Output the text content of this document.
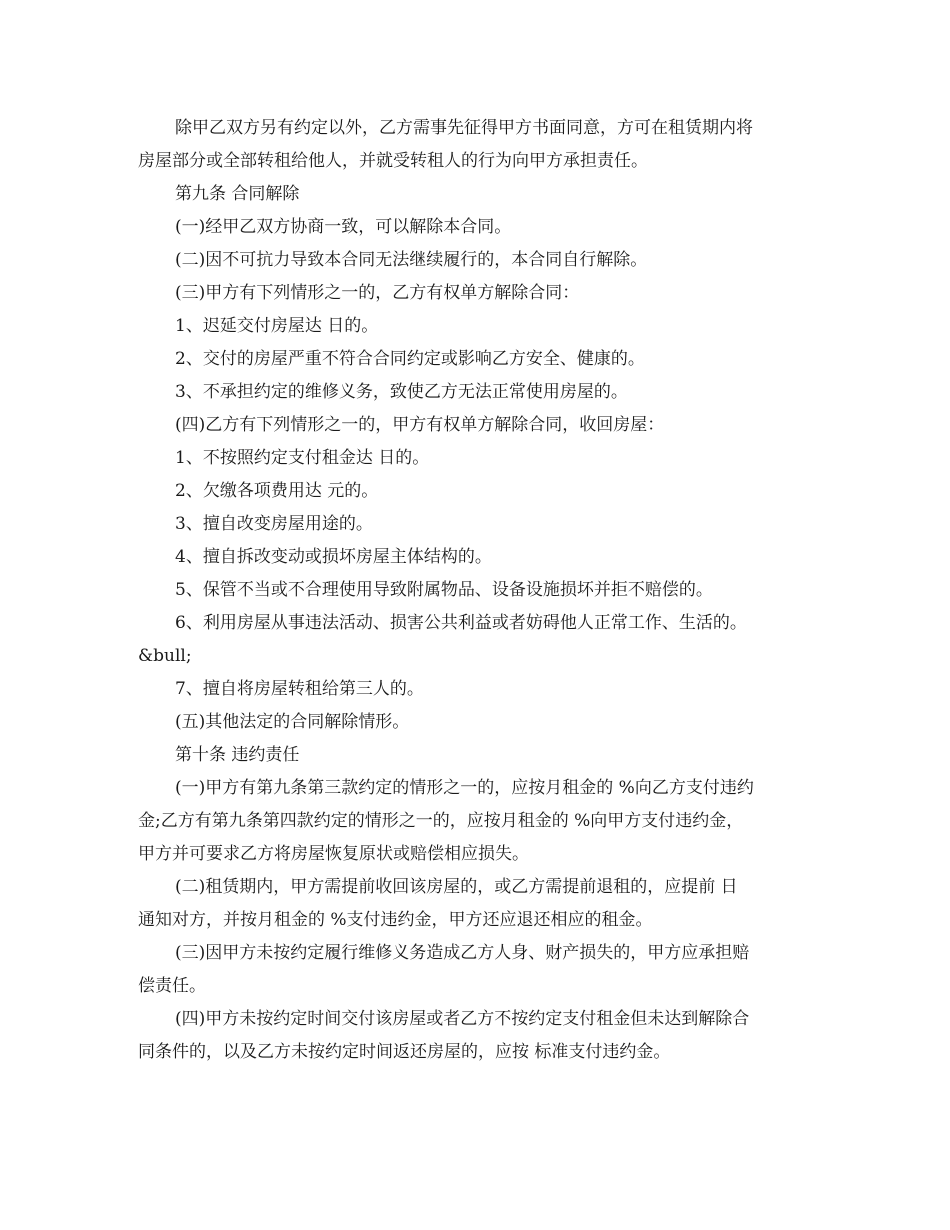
除甲乙双方另有约定以外，乙方需事先征得甲方书面同意，方可在租赁期内将

房屋部分或全部转租给他人，并就受转租人的行为向甲方承担责任。

第九条 合同解除

(一)经甲乙双方协商一致，可以解除本合同。

(二)因不可抗力导致本合同无法继续履行的，本合同自行解除。

(三)甲方有下列情形之一的，乙方有权单方解除合同：

1、迟延交付房屋达 日的。

2、交付的房屋严重不符合合同约定或影响乙方安全、健康的。

3、不承担约定的维修义务，致使乙方无法正常使用房屋的。

(四)乙方有下列情形之一的，甲方有权单方解除合同，收回房屋：

1、不按照约定支付租金达 日的。

2、欠缴各项费用达 元的。

3、擅自改变房屋用途的。

4、擅自拆改变动或损坏房屋主体结构的。

5、保管不当或不合理使用导致附属物品、设备设施损坏并拒不赔偿的。

6、利用房屋从事违法活动、损害公共利益或者妨碍他人正常工作、生活的。

&bull;

7、擅自将房屋转租给第三人的。

(五)其他法定的合同解除情形。

第十条 违约责任

(一)甲方有第九条第三款约定的情形之一的，应按月租金的 %向乙方支付违约

金;乙方有第九条第四款约定的情形之一的，应按月租金的 %向甲方支付违约金，

甲方并可要求乙方将房屋恢复原状或赔偿相应损失。

(二)租赁期内，甲方需提前收回该房屋的，或乙方需提前退租的，应提前 日

通知对方，并按月租金的 %支付违约金，甲方还应退还相应的租金。

(三)因甲方未按约定履行维修义务造成乙方人身、财产损失的，甲方应承担赔

偿责任。

(四)甲方未按约定时间交付该房屋或者乙方不按约定支付租金但未达到解除合

同条件的，以及乙方未按约定时间返还房屋的，应按 标准支付违约金。
